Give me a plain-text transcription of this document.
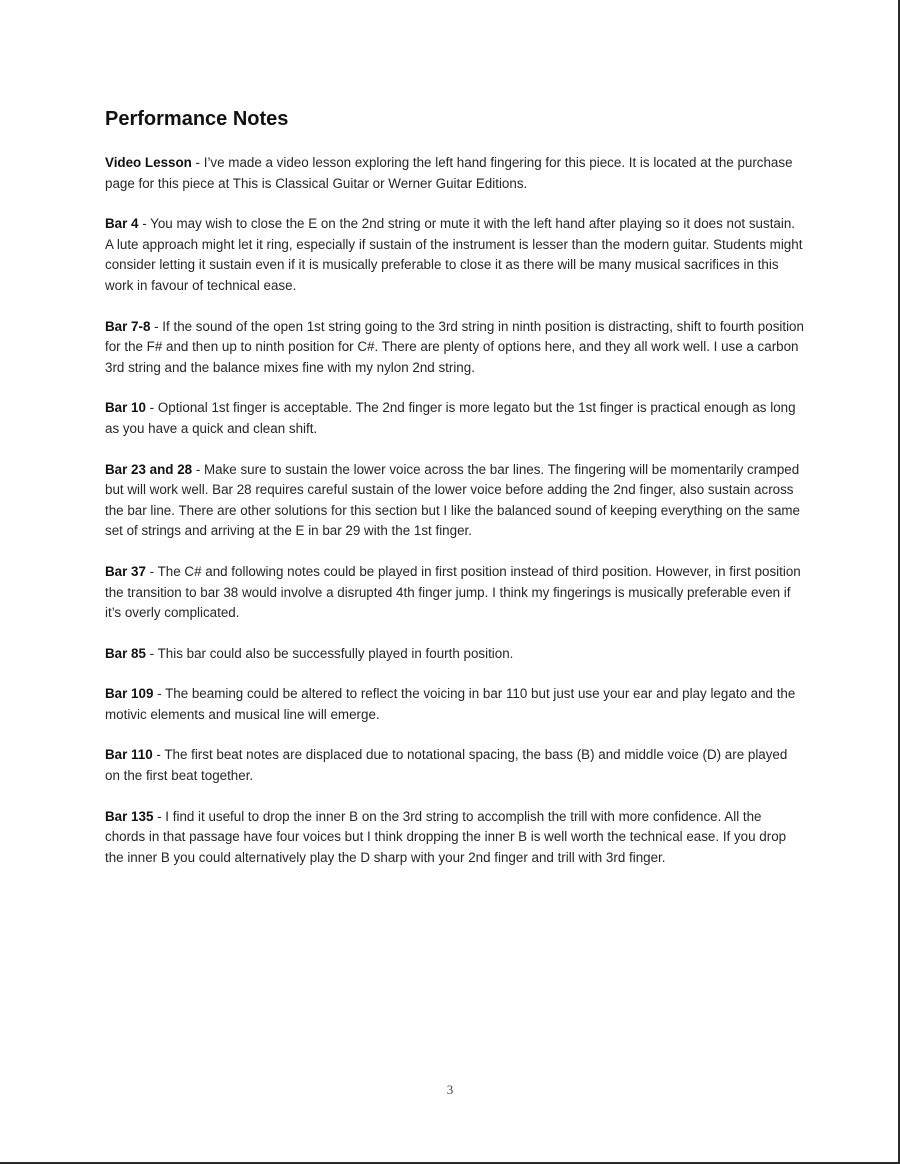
Performance Notes

Video Lesson - I’ve made a video lesson exploring the left hand fingering for this piece. It is located at the purchase page for this piece at This is Classical Guitar or Werner Guitar Editions.

Bar 4 - You may wish to close the E on the 2nd string or mute it with the left hand after playing so it does not sustain. A lute approach might let it ring, especially if sustain of the instrument is lesser than the modern guitar. Students might consider letting it sustain even if it is musically preferable to close it as there will be many musical sacrifices in this work in favour of technical ease.

Bar 7-8 - If the sound of the open 1st string going to the 3rd string in ninth position is distracting, shift to fourth position for the F# and then up to ninth position for C#. There are plenty of options here, and they all work well. I use a carbon 3rd string and the balance mixes fine with my nylon 2nd string.

Bar 10 - Optional 1st finger is acceptable. The 2nd finger is more legato but the 1st finger is practical enough as long as you have a quick and clean shift.

Bar 23 and 28 - Make sure to sustain the lower voice across the bar lines. The fingering will be momentarily cramped but will work well. Bar 28 requires careful sustain of the lower voice before adding the 2nd finger, also sustain across the bar line. There are other solutions for this section but I like the balanced sound of keeping everything on the same set of strings and arriving at the E in bar 29 with the 1st finger.

Bar 37 - The C# and following notes could be played in first position instead of third position. However, in first position the transition to bar 38 would involve a disrupted 4th finger jump. I think my fingerings is musically preferable even if it’s overly complicated.

Bar 85 - This bar could also be successfully played in fourth position.

Bar 109 - The beaming could be altered to reflect the voicing in bar 110 but just use your ear and play legato and the motivic elements and musical line will emerge.

Bar 110 - The first beat notes are displaced due to notational spacing, the bass (B) and middle voice (D) are played on the first beat together.

Bar 135 - I find it useful to drop the inner B on the 3rd string to accomplish the trill with more confidence. All the chords in that passage have four voices but I think dropping the inner B is well worth the technical ease. If you drop the inner B you could alternatively play the D sharp with your 2nd finger and trill with 3rd finger.

3
